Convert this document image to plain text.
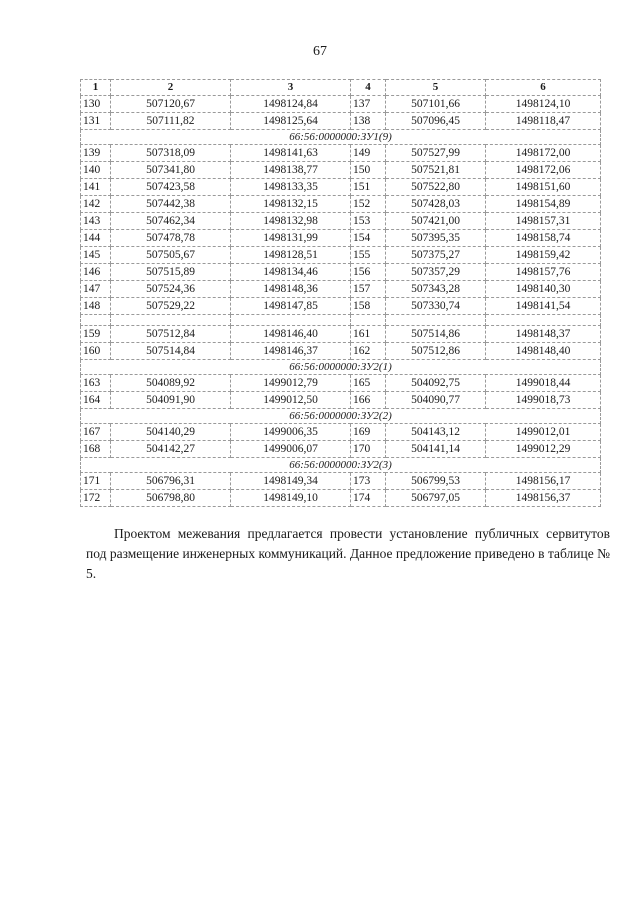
67
1	2	3	4	5	6
130	507120,67	1498124,84	137	507101,66	1498124,10
131	507111,82	1498125,64	138	507096,45	1498118,47
66:56:0000000:ЗУ1(9)					
139	507318,09	1498141,63	149	507527,99	1498172,00
140	507341,80	1498138,77	150	507521,81	1498172,06
141	507423,58	1498133,35	151	507522,80	1498151,60
142	507442,38	1498132,15	152	507428,03	1498154,89
143	507462,34	1498132,98	153	507421,00	1498157,31
144	507478,78	1498131,99	154	507395,35	1498158,74
145	507505,67	1498128,51	155	507375,27	1498159,42
146	507515,89	1498134,46	156	507357,29	1498157,76
147	507524,36	1498148,36	157	507343,28	1498140,30
148	507529,22	1498147,85	158	507330,74	1498141,54

159	507512,84	1498146,40	161	507514,86	1498148,37
160	507514,84	1498146,37	162	507512,86	1498148,40
66:56:0000000:ЗУ2(1)					
163	504089,92	1499012,79	165	504092,75	1499018,44
164	504091,90	1499012,50	166	504090,77	1499018,73
66:56:0000000:ЗУ2(2)					
167	504140,29	1499006,35	169	504143,12	1499012,01
168	504142,27	1499006,07	170	504141,14	1499012,29
66:56:0000000:ЗУ2(3)					
171	506796,31	1498149,34	173	506799,53	1498156,17
172	506798,80	1498149,10	174	506797,05	1498156,37

Проектом межевания предлагается провести установление публичных сервитутов под размещение инженерных коммуникаций. Данное предложение приведено в таблице № 5.
